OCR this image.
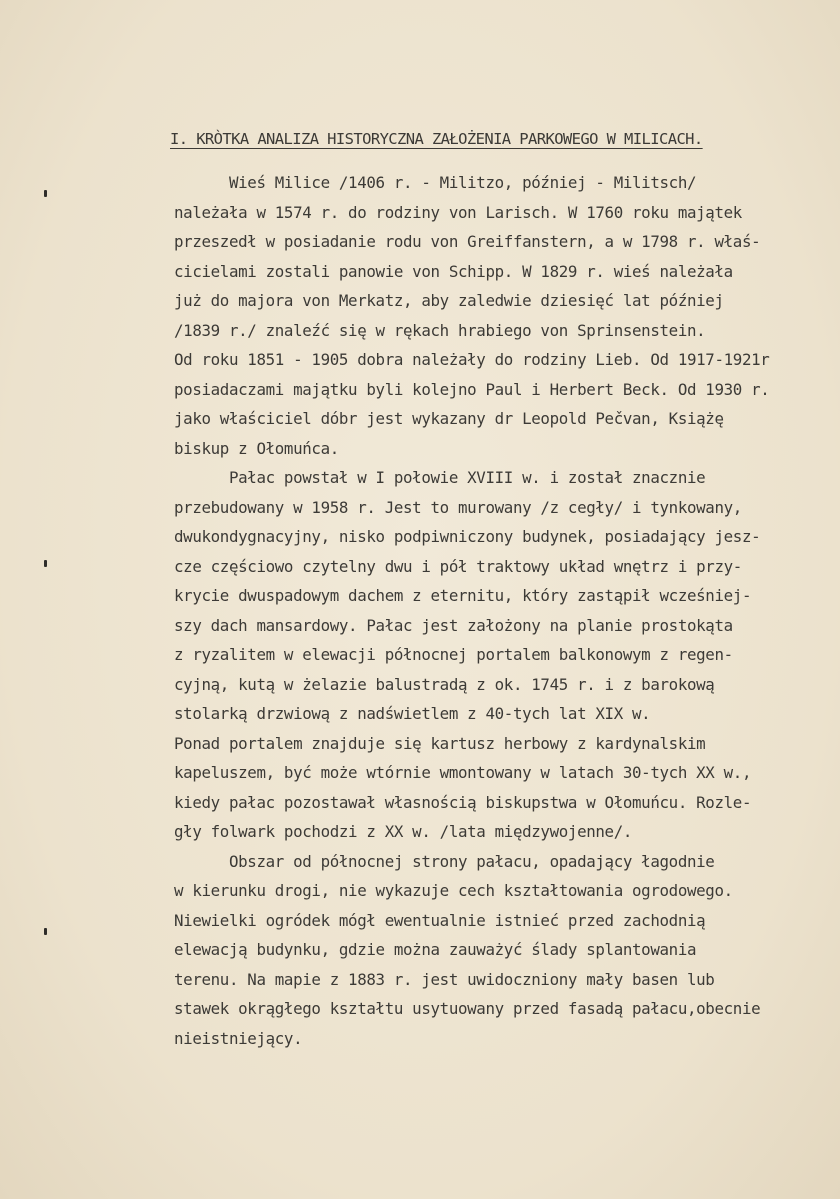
I. KRÒTKA ANALIZA HISTORYCZNA ZAŁOŻENIA PARKOWEGO W MILICACH.
Wieś Milice /1406 r. - Militzo, później - Militsch/
należała w 1574 r. do rodziny von Larisch. W 1760 roku majątek
przeszedł w posiadanie rodu von Greiffanstern, a w 1798 r. właś-
cicielami zostali panowie von Schipp. W 1829 r. wieś należała
już do majora von Merkatz, aby zaledwie dziesięć lat później
/1839 r./ znaleźć się w rękach hrabiego von Sprinsenstein.
Od roku 1851 - 1905 dobra należały do rodziny Lieb. Od 1917-1921r
posiadaczami majątku byli kolejno Paul i Herbert Beck. Od 1930 r.
jako właściciel dóbr jest wykazany dr Leopold Pečvan, Książę
biskup z Ołomuńca.
Pałac powstał w I połowie XVIII w. i został znacznie
przebudowany w 1958 r. Jest to murowany /z cegły/ i tynkowany,
dwukondygnacyjny, nisko podpiwniczony budynek, posiadający jesz-
cze częściowo czytelny dwu i pół traktowy układ wnętrz i przy-
krycie dwuspadowym dachem z eternitu, który zastąpił wcześniej-
szy dach mansardowy. Pałac jest założony na planie prostokąta
z ryzalitem w elewacji północnej portalem balkonowym z regen-
cyjną, kutą w żelazie balustradą z ok. 1745 r. i z barokową
stolarką drzwiową z nadświetlem z 40-tych lat XIX w.
Ponad portalem znajduje się kartusz herbowy z kardynalskim
kapeluszem, być może wtórnie wmontowany w latach 30-tych XX w.,
kiedy pałac pozostawał własnością biskupstwa w Ołomuńcu. Rozle-
gły folwark pochodzi z XX w. /lata międzywojenne/.
Obszar od północnej strony pałacu, opadający łagodnie
w kierunku drogi, nie wykazuje cech kształtowania ogrodowego.
Niewielki ogródek mógł ewentualnie istnieć przed zachodnią
elewacją budynku, gdzie można zauważyć ślady splantowania
terenu. Na mapie z 1883 r. jest uwidoczniony mały basen lub
stawek okrągłego kształtu usytuowany przed fasadą pałacu,obecnie
nieistniejący.
